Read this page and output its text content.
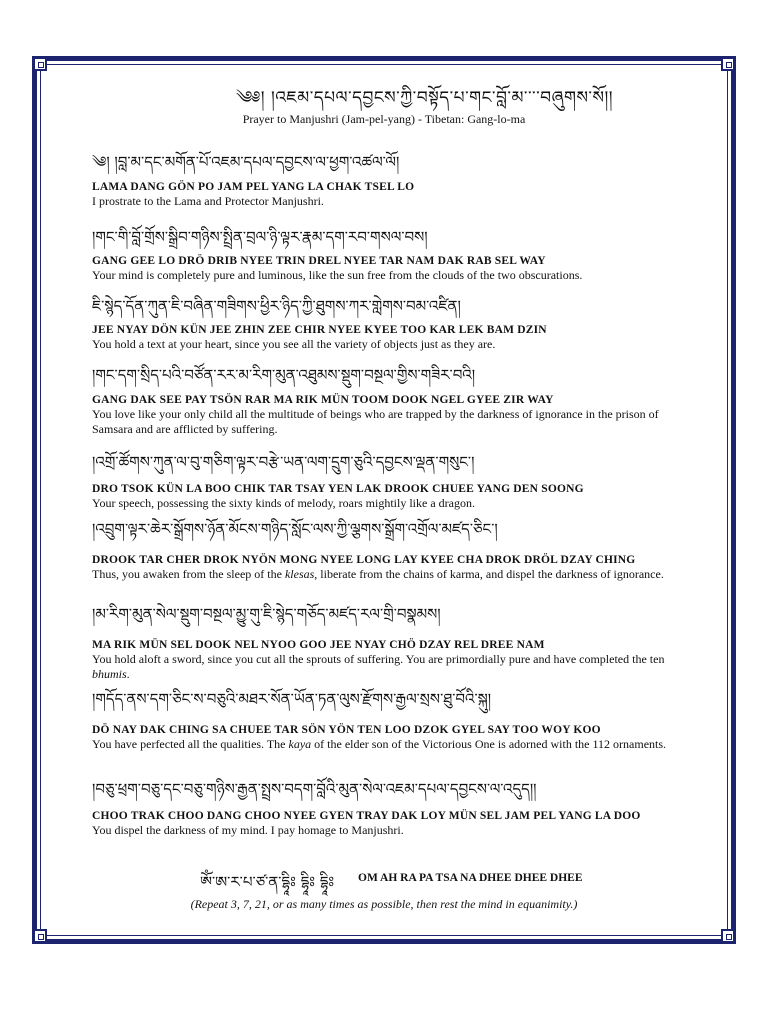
༄༅། །འཇམ་དཔལ་དབྱངས་ཀྱི་བསྟོད་པ་གང་བློ་མ་་་་བཞུགས་སོ།།
Prayer to Manjushri (Jam-pel-yang) - Tibetan: Gang-lo-ma
༄། །བླ་མ་དང་མགོན་པོ་འཇམ་དཔལ་དབྱངས་ལ་ཕྱག་འཚལ་ལོ།
LAMA DANG GÖN PO JAM PEL YANG LA CHAK TSEL LO
I prostrate to the Lama and Protector Manjushri.
།གང་གི་བློ་གྲོས་སྒྲིབ་གཉིས་སྤྲིན་བྲལ་ཉི་ལྟར་རྣམ་དག་རབ་གསལ་བས།
GANG GEE LO DRÖ DRIB NYEE TRIN DREL NYEE TAR NAM DAK RAB SEL WAY
Your mind is completely pure and luminous, like the sun free from the clouds of the two obscurations.
ཇི་སྙེད་དོན་ཀུན་ཇི་བཞིན་གཟིགས་ཕྱིར་ཉིད་ཀྱི་ཐུགས་ཀར་གླེགས་བམ་འཛིན།
JEE NYAY DÖN KÜN JEE ZHIN ZEE CHIR NYEE KYEE TOO KAR LEK BAM DZIN
You hold a text at your heart, since you see all the variety of objects just as they are.
།གང་དག་སྲིད་པའི་བཙོན་རར་མ་རིག་མུན་འཐུམས་སྡུག་བསྔལ་གྱིས་གཟིར་བའི།
GANG DAK SEE PAY TSÖN RAR MA RIK MÜN TOOM DOOK NGEL GYEE ZIR WAY
You love like your only child all the multitude of beings who are trapped by the darkness of ignorance in the prison of Samsara and are afflicted by suffering.
།འགྲོ་ཚོགས་ཀུན་ལ་བུ་གཅིག་ལྟར་བརྩེ་ཡན་ལག་དྲུག་ཅུའི་དབྱངས་ལྡན་གསུང་།
DRO TSOK KÜN LA BOO CHIK TAR TSAY YEN LAK DROOK CHUEE YANG DEN SOONG
Your speech, possessing the sixty kinds of melody, roars mightily like a dragon.
།འབྲུག་ལྟར་ཆེར་སྒྲོགས་ཉོན་མོངས་གཉིད་སློང་ལས་ཀྱི་ལྕགས་སྒྲོག་འགྲོལ་མཛད་ཅིང་།
DROOK TAR CHER DROK NYÖN MONG NYEE LONG LAY KYEE CHA DROK DRÖL DZAY CHING
Thus, you awaken from the sleep of the klesas, liberate from the chains of karma, and dispel the darkness of ignorance.
།མ་རིག་མུན་སེལ་སྡུག་བསྔལ་མྱུ་གུ་ཇི་སྙེད་གཅོད་མཛད་རལ་གྲི་བསྣམས།
MA RIK MÜN SEL DOOK NEL NYOO GOO JEE NYAY CHÖ DZAY REL DREE NAM
You hold aloft a sword, since you cut all the sprouts of suffering. You are primordially pure and have completed the ten bhumis.
།གདོད་ནས་དག་ཅིང་ས་བཅུའི་མཐར་སོན་ཡོན་ཏན་ལུས་རྫོགས་རྒྱལ་སྲས་ཐུ་བོའི་སྐུ།
DÖ NAY DAK CHING SA CHUEE TAR SÖN YÖN TEN LOO DZOK GYEL SAY TOO WOY KOO
You have perfected all the qualities. The kaya of the elder son of the Victorious One is adorned with the 112 ornaments.
།བཅུ་ཕྲག་བཅུ་དང་བཅུ་གཉིས་རྒྱན་སྤྲས་བདག་བློའི་མུན་སེལ་འཇམ་དཔལ་དབྱངས་ལ་འདུད།།
CHOO TRAK CHOO DANG CHOO NYEE GYEN TRAY DAK LOY MÜN SEL JAM PEL YANG LA DOO
You dispel the darkness of my mind. I pay homage to Manjushri.
ཨོཾ་ཨ་ར་པ་ཙ་ན་དྷཱིཿ དྷཱིཿ དྷཱིཿ OM AH RA PA TSA NA DHEE DHEE DHEE
(Repeat 3, 7, 21, or as many times as possible, then rest the mind in equanimity.)
